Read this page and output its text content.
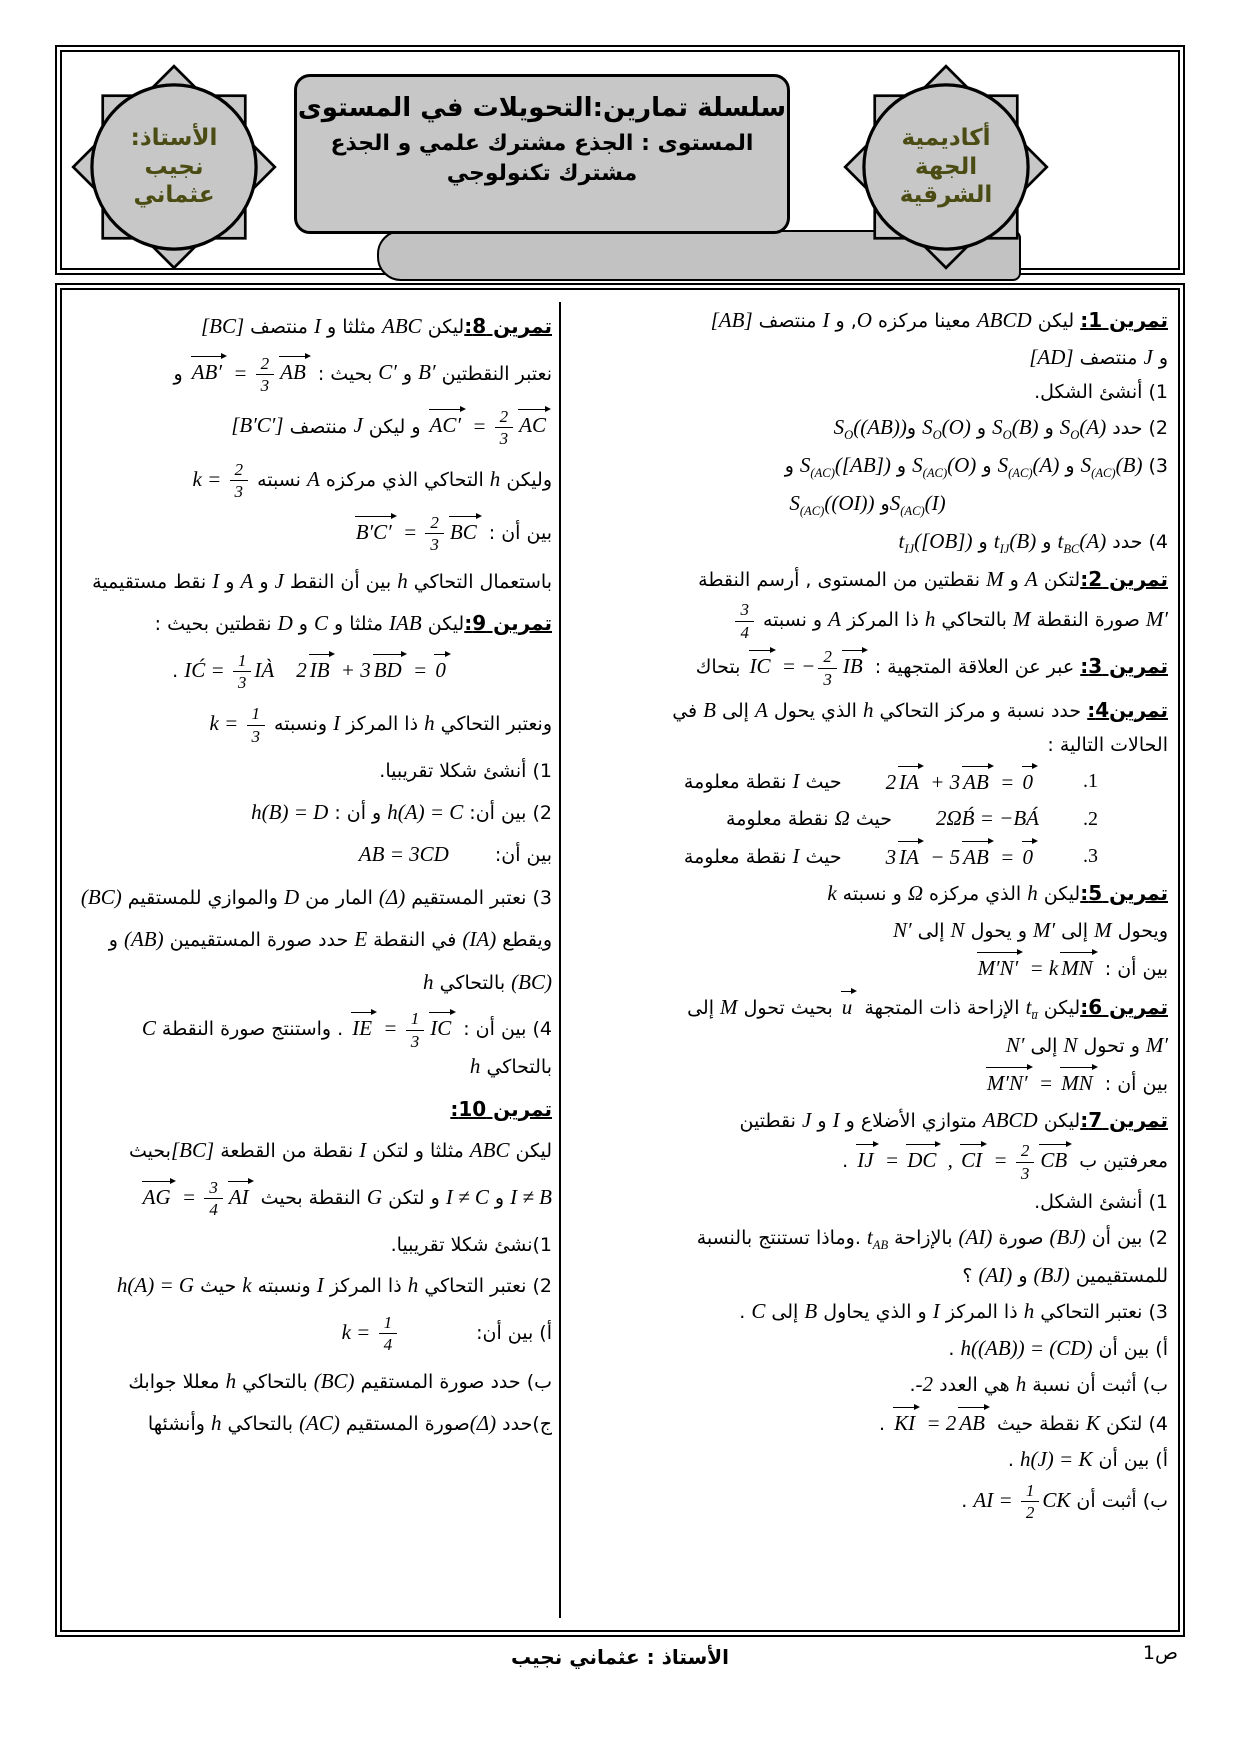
الأستاذ:
نجيب
عثماني
سلسلة تمارين:التحويلات في المستوى
المستوى : الجذع مشترك علمي و الجذع مشترك تكنولوجي
أكاديمية
الجهة
الشرقية
تمرين 1: ليكن ABCD معينا مركزه O, و I منتصف [AB]
و J منتصف [AD]
1) أنشئ الشكل.
2) حدد $S_O(A)$ و $S_O(B)$ و $S_O(O)$ وS$_O$((AB))
3) $S_{(AC)}(B)$ و $S_{(AC)}(A)$ و $S_{(AC)}(O)$ و $S_{(AC)}([AB])$ و
$S_{(AC)}(I)و$ $S_{(AC)}((OI))$
4) حدد $t_{BC}(A)$ و $t_{IJ}(B)$ و $t_{IJ}([OB])$
تمرين 2:لتكن A و M نقطتين من المستوى , أرسم النقطة
M′ صورة النقطة M بالتحاكي h ذا المركز A و نسبته
$\frac{3}{4}$
تمرين 3: عبر عن العلاقة المتجهية : IC = − $\frac{2}{3}$ IB بتحاك
تمرين4: حدد نسبة و مركز التحاكي h الذي يحول A إلى B في
الحالات التالية :
1.
2 IA + 3 AB = 0
حيث I نقطة معلومة
2.
2ΩB́ = −BÁ
حيث Ω نقطة معلومة
3.
3 IA − 5 AB = 0
حيث I نقطة معلومة
تمرين 5:ليكن h الذي مركزه Ω و نسبته k
ويحول M إلى M′ و يحول N إلى N′
بين أن : M′N′ = k MN
تمرين 6:ليكن $t_{u̅}$ الإزاحة ذات المتجهة u بحيث تحول M إلى
M′ و تحول N إلى N′
بين أن : M′N′ = MN
تمرين 7:ليكن ABCD متوازي الأضلاع و I و J نقطتين
معرفتين ب IJ = DC , CI = $\frac{2}{3}$ CB .
1) أنشئ الشكل.
2) بين أن (BJ) صورة (AI) بالإزاحة $t_{AB}$ .وماذا تستنتج بالنسبة
للمستقيمين (BJ) و (AI) ؟
3) نعتبر التحاكي h ذا المركز I و الذي يحاول B إلى C .
أ) بين أن h((AB)) = (CD) .
ب) أثبت أن نسبة h هي العدد -2.
4) لتكن K نقطة حيث KI = 2 AB .
أ) بين أن h(J) = K .
ب) أثبت أن AI = $\frac{1}{2}$ CK .
تمرين 8:ليكن ABC مثلثا و I منتصف [BC]
نعتبر النقطتين B′ و C′ بحيث : $AB' = \frac{2}{3}$ AB و
$AC' = \frac{2}{3}$ AC و ليكن J منتصف [B′C′]
وليكن h التحاكي الذي مركزه A نسبته $k = \frac{2}{3}$
بين أن : $B'C' = \frac{2}{3}$ BC
باستعمال التحاكي h بين أن النقط J و A و I نقط مستقيمية
تمرين 9:ليكن IAB مثلثا و C و D نقطتين بحيث :
2 IB + 3 BD = 0IĆ = $\frac{1}{3}$ IÀ .
ونعتبر التحاكي h ذا المركز I ونسبته $k = \frac{1}{3}$
1) أنشئ شكلا تقريبيا.
2) بين أن: h(A) = C و أن : h(B) = D
بين أن: AB = 3CD
3) نعتبر المستقيم (Δ) المار من D والموازي للمستقيم (BC)
ويقطع (IA) في النقطة E حدد صورة المستقيمين (AB) و
(BC) بالتحاكي h
4) بين أن : IE = $\frac{1}{3}$ IC . واستنتج صورة النقطة C بالتحاكي h
تمرين 10:
ليكن ABC مثلثا و لتكن I نقطة من القطعة [BC]بحيث
I ≠ B و I ≠ C و لتكن G النقطة بحيث AG = $\frac{3}{4}$ AI
1)نشئ شكلا تقريبيا.
2) نعتبر التحاكي h ذا المركز I ونسبته k حيث h(A) = G
أ) بين أن: $k = \frac{1}{4}$
ب) حدد صورة المستقيم (BC) بالتحاكي h معللا جوابك
ج)حدد (Δ)صورة المستقيم (AC) بالتحاكي h وأنشئها
الأستاذ : عثماني نجيب	ص1
